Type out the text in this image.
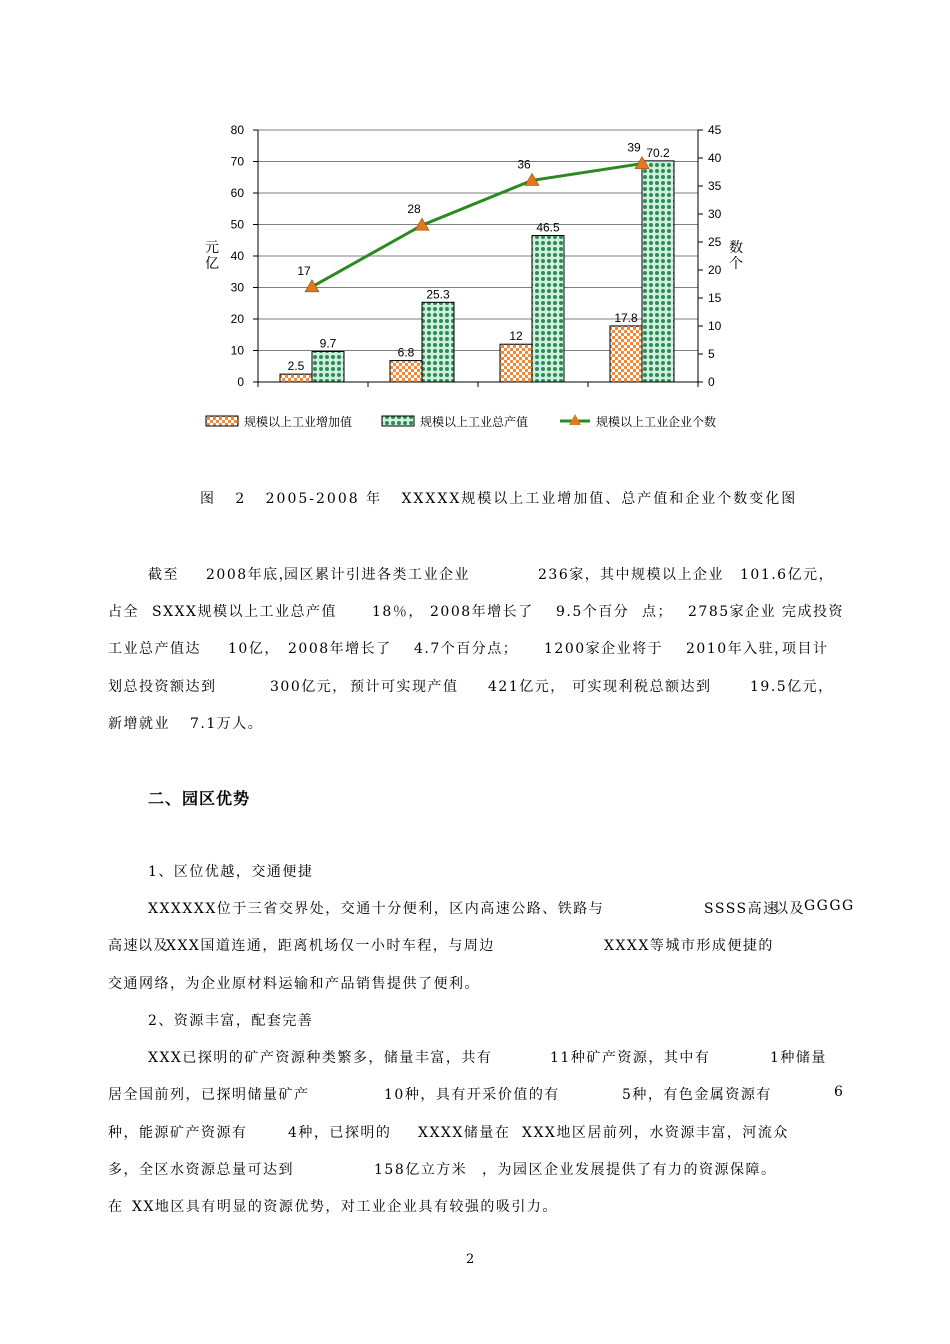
2.5
9.7
6.8
25.3
12
46.5
17.8
70.2
17
28
36
39
0
10
20
30
40
50
60
70
80
0
5
10
15
20
25
30
35
40
45
元亿
数个
规模以上工业增加值	规模以上工业总产值	规模以上工业企业个数
图 2 2005-2008 年 XXXXX规模以上工业增加值、总产值和企业个数变化图
截至 2008年底，
园区累计引进各类工业企业	236家， 其中规模以上企业 101.6亿元，
占全 SXXX规模以上工业总产值	18％， 2008年增长了 9.5个百分 点； 2785家企业 完成投资
工业总产值达 10亿， 2008年增长了 4.7个百分点； 1200家企业将于 2010年入驻，
项目计
划总投资额达到	300亿元， 预计可实现产值 421亿元， 可实现利税总额达到	19.5亿元，
新增就业 7.1万人。
二、园区优势
1、区位优越，交通便捷
XXXXXX位于三省交界处，交通十分便利，区内高速公路、铁路与	SSSS高速
以及 GGGG
高速 以及
XXX国道连通，距离机场仅一小时车程，与周边	XXXX等城市形成便捷的
交通网络，为企业原材料运输和产品销售提供了便利。
2、资源丰富，配套完善
XXX已探明的矿产资源种类繁多，储量丰富，共有	11种矿产资源，其中有	1种储量
居全国前列，已探明储量矿产	10种，具有开采价值的有	5种，有色金属资源有	6
种，能源矿产资源有	4种，已探明的 XXXX储量在 XXX地区居前列，水资源丰富，河流众
多，全区水资源总量可达到	158亿立方米 ，为园区企业发展提供了有力的资源保障。
在 XX地区具有明显的资源优势，对工业企业具有较强的吸引力。
2
